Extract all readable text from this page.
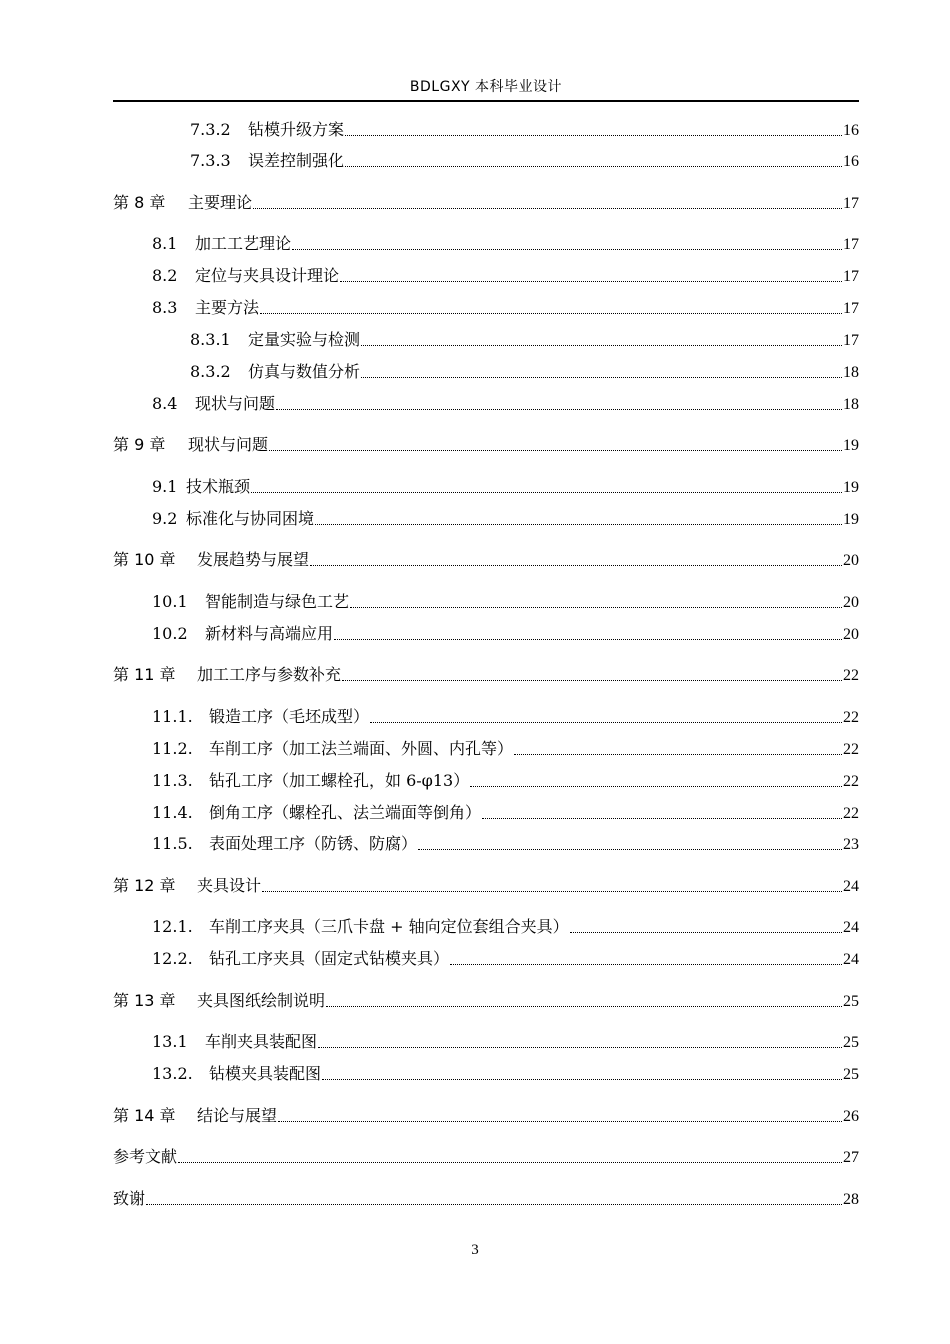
BDLGXY 本科毕业设计
7.3.2	钻模升级方案	16
7.3.3	误差控制强化	16
第 8 章	主要理论	17
8.1	加工工艺理论	17
8.2	定位与夹具设计理论	17
8.3	主要方法	17
8.3.1	定量实验与检测	17
8.3.2	仿真与数值分析	18
8.4	现状与问题	18
第 9 章	现状与问题	19
9.1 技术瓶颈	19
9.2 标准化与协同困境	19
第 10 章	发展趋势与展望	20
10.1	智能制造与绿色工艺	20
10.2	新材料与高端应用	20
第 11 章	加工工序与参数补充	22
11.1.	锻造工序（毛坯成型）	22
11.2.	车削工序（加工法兰端面、外圆、内孔等）	22
11.3.	钻孔工序（加工螺栓孔，如 6-φ13）	22
11.4.	倒角工序（螺栓孔、法兰端面等倒角）	22
11.5.	表面处理工序（防锈、防腐）	23
第 12 章	夹具设计	24
12.1.	车削工序夹具（三爪卡盘 + 轴向定位套组合夹具）	24
12.2.	钻孔工序夹具（固定式钻模夹具）	24
第 13 章	夹具图纸绘制说明	25
13.1	车削夹具装配图	25
13.2.	钻模夹具装配图	25
第 14 章	结论与展望	26
参考文献	27
致谢	28
3
